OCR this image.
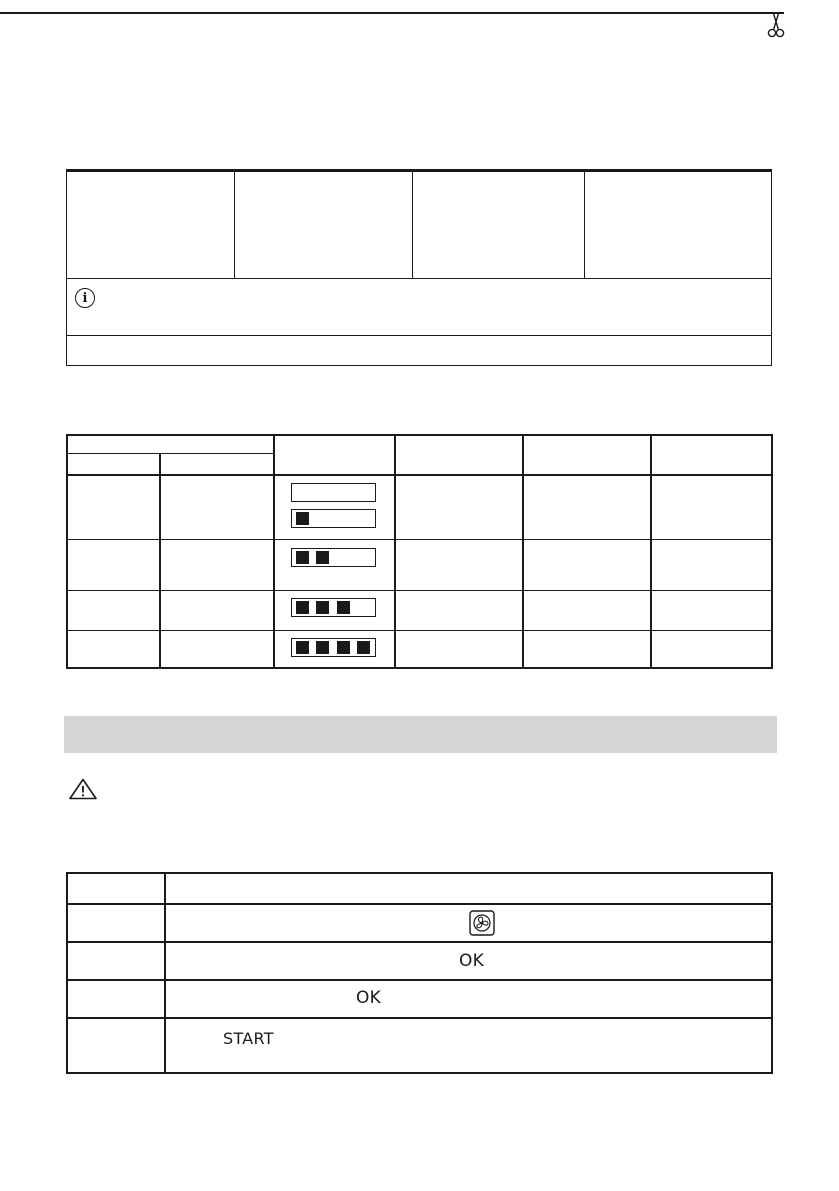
i
OK
OK
START
